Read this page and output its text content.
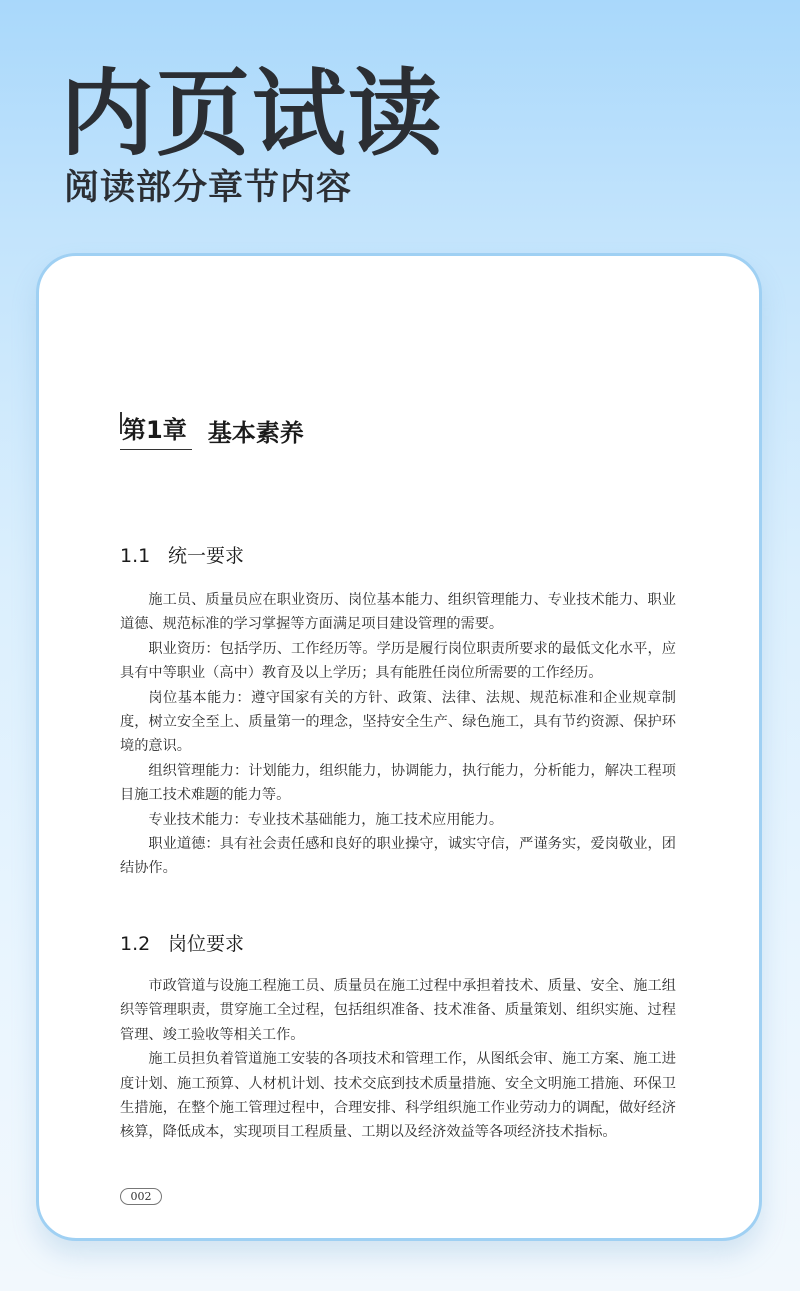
内页试读
阅读部分章节内容
第1章 基本素养
1.1 统一要求

施工员、质量员应在职业资历、岗位基本能力、组织管理能力、专业技术能力、职业道德、规范标准的学习掌握等方面满足项目建设管理的需要。

职业资历：包括学历、工作经历等。学历是履行岗位职责所要求的最低文化水平，应具有中等职业（高中）教育及以上学历；具有能胜任岗位所需要的工作经历。

岗位基本能力：遵守国家有关的方针、政策、法律、法规、规范标准和企业规章制度，树立安全至上、质量第一的理念，坚持安全生产、绿色施工，具有节约资源、保护环境的意识。

组织管理能力：计划能力，组织能力，协调能力，执行能力，分析能力，解决工程项目施工技术难题的能力等。

专业技术能力：专业技术基础能力，施工技术应用能力。

职业道德：具有社会责任感和良好的职业操守，诚实守信，严谨务实，爱岗敬业，团结协作。

1.2 岗位要求

市政管道与设施工程施工员、质量员在施工过程中承担着技术、质量、安全、施工组织等管理职责，贯穿施工全过程，包括组织准备、技术准备、质量策划、组织实施、过程管理、竣工验收等相关工作。

施工员担负着管道施工安装的各项技术和管理工作，从图纸会审、施工方案、施工进度计划、施工预算、人材机计划、技术交底到技术质量措施、安全文明施工措施、环保卫生措施，在整个施工管理过程中，合理安排、科学组织施工作业劳动力的调配，做好经济核算，降低成本，实现项目工程质量、工期以及经济效益等各项经济技术指标。

002
